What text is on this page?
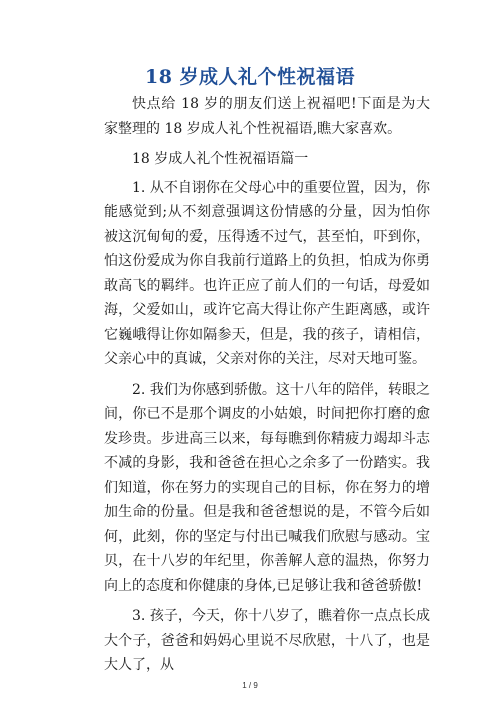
18 岁成人礼个性祝福语

快点给 18 岁的朋友们送上祝福吧!下面是为大家整理的 18 岁成人礼个性祝福语,瞧大家喜欢。

18 岁成人礼个性祝福语篇一

1. 从不自诩你在父母心中的重要位置，因为，你能感觉到;从不刻意强调这份情感的分量，因为怕你被这沉甸甸的爱，压得透不过气，甚至怕，吓到你，怕这份爱成为你自我前行道路上的负担，怕成为你勇敢高飞的羁绊。也许正应了前人们的一句话，母爱如海，父爱如山，或许它高大得让你产生距离感，或许它巍峨得让你如隔参天，但是，我的孩子，请相信，父亲心中的真诚，父亲对你的关注，尽对天地可鉴。

2. 我们为你感到骄傲。这十八年的陪伴，转眼之间，你已不是那个调皮的小姑娘，时间把你打磨的愈发珍贵。步进高三以来，每每瞧到你精疲力竭却斗志不减的身影，我和爸爸在担心之余多了一份踏实。我们知道，你在努力的实现自己的目标，你在努力的增加生命的份量。但是我和爸爸想说的是，不管今后如何，此刻，你的坚定与付出已喊我们欣慰与感动。宝贝，在十八岁的年纪里，你善解人意的温热，你努力向上的态度和你健康的身体,已足够让我和爸爸骄傲!

3. 孩子，今天，你十八岁了，瞧着你一点点长成大个子，爸爸和妈妈心里说不尽欣慰，十八了，也是大人了，从

1 / 9
